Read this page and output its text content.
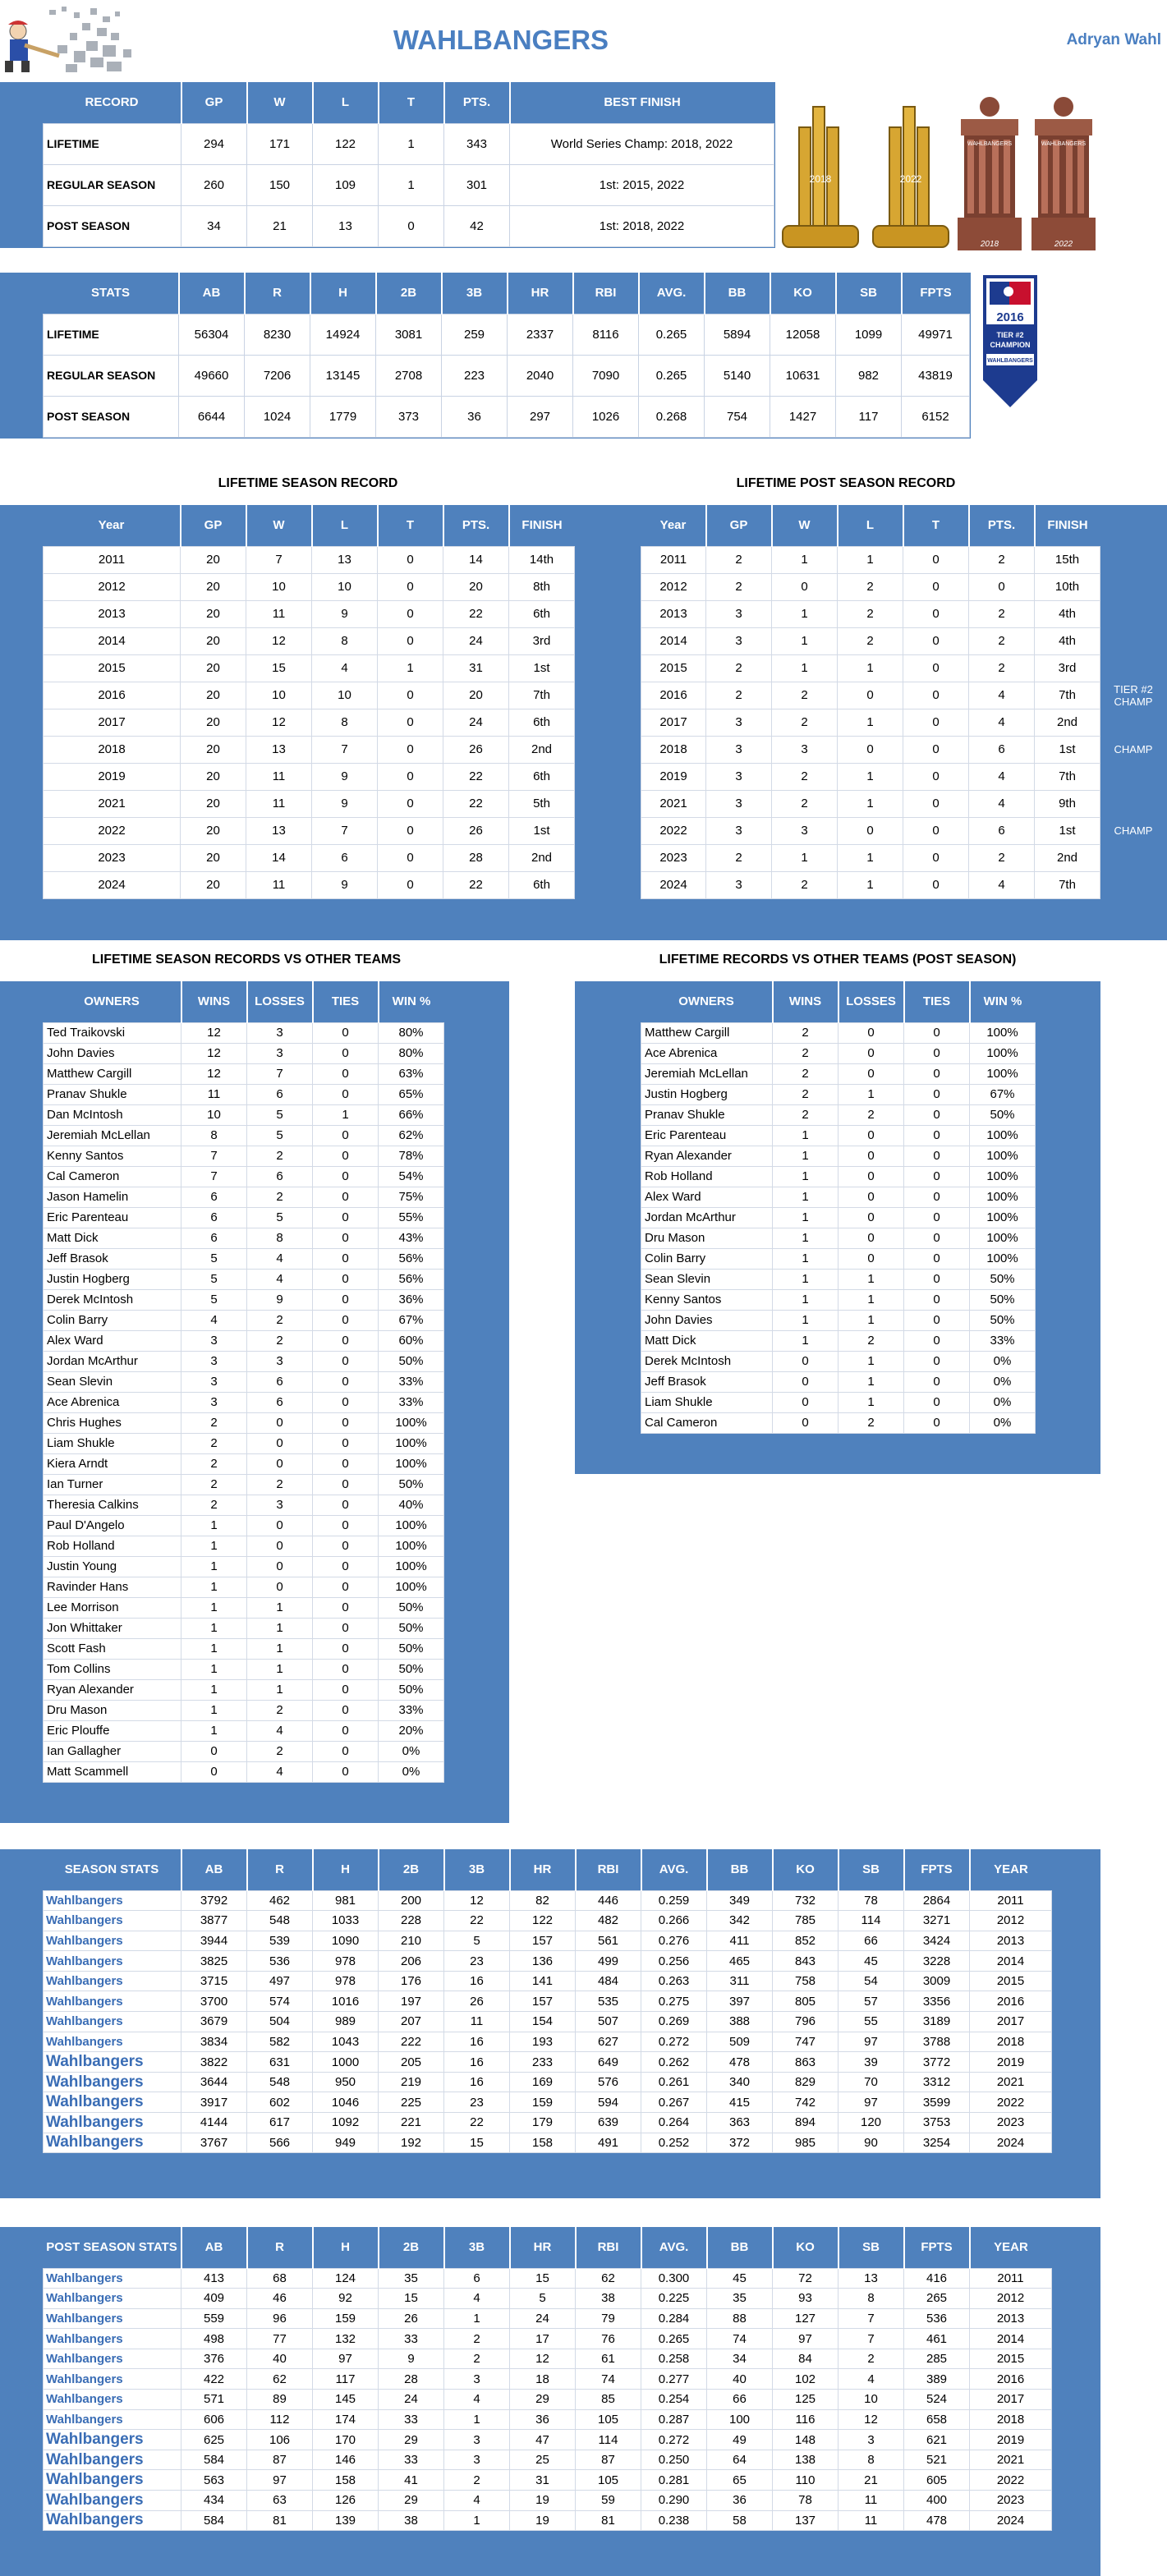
WAHLBANGERS	Adryan Wahl
RECORD	GP	W	L	T	PTS.	BEST FINISH
LIFETIME	294	171	122	1	343	World Series Champ: 2018, 2022
REGULAR SEASON	260	150	109	1	301	1st: 2015, 2022
POST SEASON	34	21	13	0	42	1st: 2018, 2022
2018	2022
WAHLBANGERS
2018
WAHLBANGERS
2022
STATS	AB	R	H	2B	3B	HR	RBI	AVG.	BB	KO	SB	FPTS
LIFETIME	56304	8230	14924	3081	259	2337	8116	0.265	5894	12058	1099	49971
REGULAR SEASON	49660	7206	13145	2708	223	2040	7090	0.265	5140	10631	982	43819
POST SEASON	6644	1024	1779	373	36	297	1026	0.268	754	1427	117	6152
2016
TIER #2
CHAMPION
WAHLBANGERS
LIFETIME SEASON RECORD	LIFETIME POST SEASON RECORD
Year	GP	W	L	T	PTS.	FINISH
2011	20	7	13	0	14	14th
2012	20	10	10	0	20	8th
2013	20	11	9	0	22	6th
2014	20	12	8	0	24	3rd
2015	20	15	4	1	31	1st
2016	20	10	10	0	20	7th
2017	20	12	8	0	24	6th
2018	20	13	7	0	26	2nd
2019	20	11	9	0	22	6th
2021	20	11	9	0	22	5th
2022	20	13	7	0	26	1st
2023	20	14	6	0	28	2nd
2024	20	11	9	0	22	6th
Year	GP	W	L	T	PTS.	FINISH
2011	2	1	1	0	2	15th
2012	2	0	2	0	0	10th
2013	3	1	2	0	2	4th
2014	3	1	2	0	2	4th
2015	2	1	1	0	2	3rd
2016	2	2	0	0	4	7th
2017	3	2	1	0	4	2nd
2018	3	3	0	0	6	1st
2019	3	2	1	0	4	7th
2021	3	2	1	0	4	9th
2022	3	3	0	0	6	1st
2023	2	1	1	0	2	2nd
2024	3	2	1	0	4	7th
TIER #2 CHAMP
CHAMP
CHAMP
LIFETIME SEASON RECORDS VS OTHER TEAMS	LIFETIME RECORDS VS OTHER TEAMS (POST SEASON)
OWNERS	WINS	LOSSES	TIES	WIN %
Ted Traikovski	12	3	0	80%
John Davies	12	3	0	80%
Matthew Cargill	12	7	0	63%
Pranav Shukle	11	6	0	65%
Dan McIntosh	10	5	1	66%
Jeremiah McLellan	8	5	0	62%
Kenny Santos	7	2	0	78%
Cal Cameron	7	6	0	54%
Jason Hamelin	6	2	0	75%
Eric Parenteau	6	5	0	55%
Matt Dick	6	8	0	43%
Jeff Brasok	5	4	0	56%
Justin Hogberg	5	4	0	56%
Derek McIntosh	5	9	0	36%
Colin Barry	4	2	0	67%
Alex Ward	3	2	0	60%
Jordan McArthur	3	3	0	50%
Sean Slevin	3	6	0	33%
Ace Abrenica	3	6	0	33%
Chris Hughes	2	0	0	100%
Liam Shukle	2	0	0	100%
Kiera Arndt	2	0	0	100%
Ian Turner	2	2	0	50%
Theresia Calkins	2	3	0	40%
Paul D'Angelo	1	0	0	100%
Rob Holland	1	0	0	100%
Justin Young	1	0	0	100%
Ravinder Hans	1	0	0	100%
Lee Morrison	1	1	0	50%
Jon Whittaker	1	1	0	50%
Scott Fash	1	1	0	50%
Tom Collins	1	1	0	50%
Ryan Alexander	1	1	0	50%
Dru Mason	1	2	0	33%
Eric Plouffe	1	4	0	20%
Ian Gallagher	0	2	0	0%
Matt Scammell	0	4	0	0%
OWNERS	WINS	LOSSES	TIES	WIN %
Matthew Cargill	2	0	0	100%
Ace Abrenica	2	0	0	100%
Jeremiah McLellan	2	0	0	100%
Justin Hogberg	2	1	0	67%
Pranav Shukle	2	2	0	50%
Eric Parenteau	1	0	0	100%
Ryan Alexander	1	0	0	100%
Rob Holland	1	0	0	100%
Alex Ward	1	0	0	100%
Jordan McArthur	1	0	0	100%
Dru Mason	1	0	0	100%
Colin Barry	1	0	0	100%
Sean Slevin	1	1	0	50%
Kenny Santos	1	1	0	50%
John Davies	1	1	0	50%
Matt Dick	1	2	0	33%
Derek McIntosh	0	1	0	0%
Jeff Brasok	0	1	0	0%
Liam Shukle	0	1	0	0%
Cal Cameron	0	2	0	0%
SEASON STATS	AB	R	H	2B	3B	HR	RBI	AVG.	BB	KO	SB	FPTS	YEAR
Wahlbangers	3792	462	981	200	12	82	446	0.259	349	732	78	2864	2011
Wahlbangers	3877	548	1033	228	22	122	482	0.266	342	785	114	3271	2012
Wahlbangers	3944	539	1090	210	5	157	561	0.276	411	852	66	3424	2013
Wahlbangers	3825	536	978	206	23	136	499	0.256	465	843	45	3228	2014
Wahlbangers	3715	497	978	176	16	141	484	0.263	311	758	54	3009	2015
Wahlbangers	3700	574	1016	197	26	157	535	0.275	397	805	57	3356	2016
Wahlbangers	3679	504	989	207	11	154	507	0.269	388	796	55	3189	2017
Wahlbangers	3834	582	1043	222	16	193	627	0.272	509	747	97	3788	2018
Wahlbangers	3822	631	1000	205	16	233	649	0.262	478	863	39	3772	2019
Wahlbangers	3644	548	950	219	16	169	576	0.261	340	829	70	3312	2021
Wahlbangers	3917	602	1046	225	23	159	594	0.267	415	742	97	3599	2022
Wahlbangers	4144	617	1092	221	22	179	639	0.264	363	894	120	3753	2023
Wahlbangers	3767	566	949	192	15	158	491	0.252	372	985	90	3254	2024
POST SEASON STATS	AB	R	H	2B	3B	HR	RBI	AVG.	BB	KO	SB	FPTS	YEAR
Wahlbangers	413	68	124	35	6	15	62	0.300	45	72	13	416	2011
Wahlbangers	409	46	92	15	4	5	38	0.225	35	93	8	265	2012
Wahlbangers	559	96	159	26	1	24	79	0.284	88	127	7	536	2013
Wahlbangers	498	77	132	33	2	17	76	0.265	74	97	7	461	2014
Wahlbangers	376	40	97	9	2	12	61	0.258	34	84	2	285	2015
Wahlbangers	422	62	117	28	3	18	74	0.277	40	102	4	389	2016
Wahlbangers	571	89	145	24	4	29	85	0.254	66	125	10	524	2017
Wahlbangers	606	112	174	33	1	36	105	0.287	100	116	12	658	2018
Wahlbangers	625	106	170	29	3	47	114	0.272	49	148	3	621	2019
Wahlbangers	584	87	146	33	3	25	87	0.250	64	138	8	521	2021
Wahlbangers	563	97	158	41	2	31	105	0.281	65	110	21	605	2022
Wahlbangers	434	63	126	29	4	19	59	0.290	36	78	11	400	2023
Wahlbangers	584	81	139	38	1	19	81	0.238	58	137	11	478	2024
